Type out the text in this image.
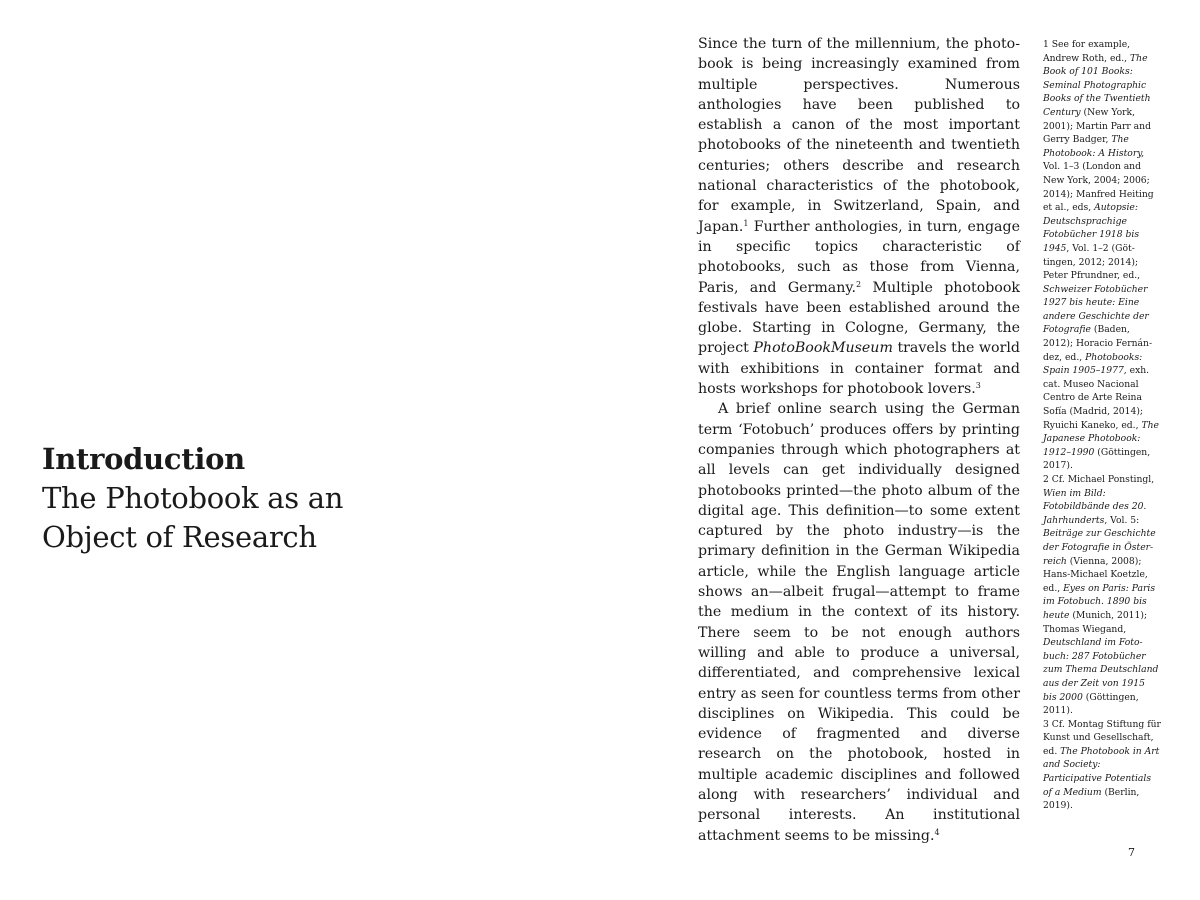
Introduction
The Photobook as an
Object of Research

Since the turn of the millennium, the photobook is being increasingly examined from multiple perspectives. Numerous anthologies have been published to establish a canon of the most important photobooks of the nineteenth and twentieth centuries; others describe and research national characteristics of the photobook, for example, in Switzerland, Spain, and Japan.$^1$ Further anthologies, in turn, engage in specific topics characteristic of photobooks, such as those from Vienna, Paris, and Germany.$^2$ Multiple photobook festivals have been established around the globe. Starting in Cologne, Germany, the project PhotoBookMuseum travels the world with exhibitions in container format and hosts workshops for photobook lovers.$^3$

A brief online search using the German term ‘Fotobuch’ produces offers by printing companies through which photographers at all levels can get individually designed photobooks printed—the photo album of the digital age. This definition—to some extent captured by the photo industry—is the primary definition in the German Wikipedia article, while the English language article shows an—albeit frugal—attempt to frame the medium in the context of its history. There seem to be not enough authors willing and able to produce a universal, differentiated, and comprehensive lexical entry as seen for countless terms from other disciplines on Wikipedia. This could be evidence of fragmented and diverse research on the photobook, hosted in multiple academic disciplines and followed along with researchers’ individual and personal interests. An institutional attachment seems to be missing.$^4$

1 See for example, Andrew Roth, ed., The Book of 101 Books: Seminal Photographic Books of the Twentieth Century (New York, 2001); Martin Parr and Gerry Badger, The Photobook: A History, Vol. 1–3 (London and New York, 2004; 2006; 2014); Manfred Heiting et al., eds, Autopsie: Deutschsprachige Fotobücher 1918 bis 1945, Vol. 1–2 (Göttingen, 2012; 2014); Peter Pfrundner, ed., Schweizer Fotobücher 1927 bis heute: Eine andere Geschichte der Fotografie (Baden, 2012); Horacio Fernández, ed., Photobooks: Spain 1905–1977, exh. cat. Museo Nacional Centro de Arte Reina Sofía (Madrid, 2014); Ryuichi Kaneko, ed., The Japanese Photobook: 1912–1990 (Göttingen, 2017).

2 Cf. Michael Ponstingl, Wien im Bild: Fotobildbände des 20. Jahrhunderts, Vol. 5: Beiträge zur Geschichte der Fotografie in Österreich (Vienna, 2008); Hans-Michael Koetzle, ed., Eyes on Paris: Paris im Fotobuch. 1890 bis heute (Munich, 2011); Thomas Wiegand, Deutschland im Fotobuch: 287 Fotobücher zum Thema Deutschland aus der Zeit von 1915 bis 2000 (Göttingen, 2011).

3 Cf. Montag Stiftung für Kunst und Gesellschaft, ed. The Photobook in Art and Society: Participative Potentials of a Medium (Berlin, 2019).

7
